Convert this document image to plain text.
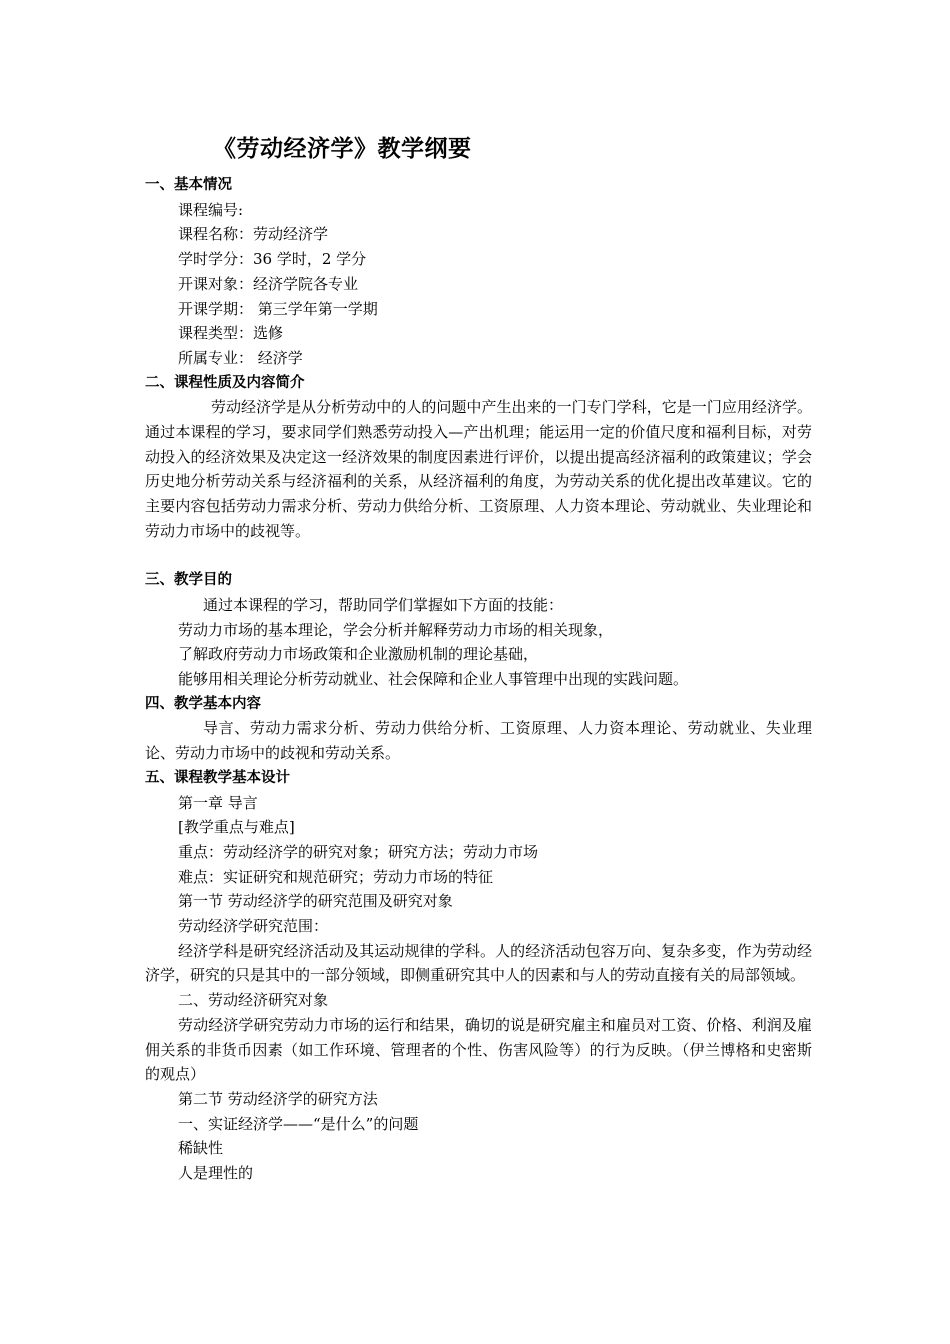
《劳动经济学》教学纲要

一、基本情况

课程编号:

课程名称：劳动经济学

学时学分：36 学时，2 学分

开课对象：经济学院各专业

开课学期： 第三学年第一学期

课程类型：选修

所属专业： 经济学

二、课程性质及内容简介

劳动经济学是从分析劳动中的人的问题中产生出来的一门专门学科，它是一门应用经济学。通过本课程的学习，要求同学们熟悉劳动投入—产出机理；能运用一定的价值尺度和福利目标，对劳动投入的经济效果及决定这一经济效果的制度因素进行评价，以提出提高经济福利的政策建议；学会历史地分析劳动关系与经济福利的关系，从经济福利的角度，为劳动关系的优化提出改革建议。它的主要内容包括劳动力需求分析、劳动力供给分析、工资原理、人力资本理论、劳动就业、失业理论和劳动力市场中的歧视等。

三、教学目的

通过本课程的学习，帮助同学们掌握如下方面的技能：

劳动力市场的基本理论，学会分析并解释劳动力市场的相关现象，

了解政府劳动力市场政策和企业激励机制的理论基础，

能够用相关理论分析劳动就业、社会保障和企业人事管理中出现的实践问题。

四、教学基本内容

导言、劳动力需求分析、劳动力供给分析、工资原理、人力资本理论、劳动就业、失业理论、劳动力市场中的歧视和劳动关系。

五、课程教学基本设计

第一章 导言

[教学重点与难点]

重点：劳动经济学的研究对象；研究方法；劳动力市场

难点：实证研究和规范研究；劳动力市场的特征

第一节 劳动经济学的研究范围及研究对象

劳动经济学研究范围：

经济学科是研究经济活动及其运动规律的学科。人的经济活动包容万向、复杂多变，作为劳动经济学，研究的只是其中的一部分领域，即侧重研究其中人的因素和与人的劳动直接有关的局部领域。

二、劳动经济研究对象

劳动经济学研究劳动力市场的运行和结果，确切的说是研究雇主和雇员对工资、价格、利润及雇佣关系的非货币因素（如工作环境、管理者的个性、伤害风险等）的行为反映。（伊兰博格和史密斯的观点）

第二节 劳动经济学的研究方法

一、实证经济学——“是什么”的问题

稀缺性

人是理性的
